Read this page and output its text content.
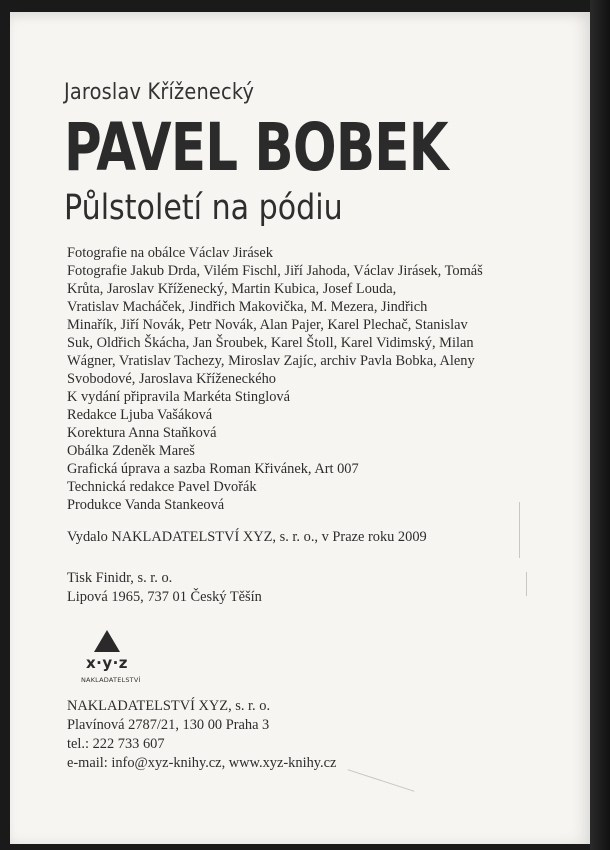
Jaroslav Kříženecký
PAVEL BOBEK
Půlstoletí na pódiu
Fotografie na obálce Václav Jirásek
Fotografie Jakub Drda, Vilém Fischl, Jiří Jahoda, Václav Jirásek, Tomáš
Krůta, Jaroslav Kříženecký, Martin Kubica, Josef Louda,
Vratislav Macháček, Jindřich Makovička, M. Mezera, Jindřich
Minařík, Jiří Novák, Petr Novák, Alan Pajer, Karel Plechač, Stanislav
Suk, Oldřich Škácha, Jan Šroubek, Karel Štoll, Karel Vidimský, Milan
Wágner, Vratislav Tachezy, Miroslav Zajíc, archiv Pavla Bobka, Aleny
Svobodové, Jaroslava Kříženeckého
K vydání připravila Markéta Stinglová
Redakce Ljuba Vašáková
Korektura Anna Staňková
Obálka Zdeněk Mareš
Grafická úprava a sazba Roman Křivánek, Art 007
Technická redakce Pavel Dvořák
Produkce Vanda Stankeová
Vydalo NAKLADATELSTVÍ XYZ, s. r. o., v Praze roku 2009
Tisk Finidr, s. r. o.
Lipová 1965, 737 01 Český Těšín
x·y·z
NAKLADATELSTVÍ
NAKLADATELSTVÍ XYZ, s. r. o.
Plavínová 2787/21, 130 00 Praha 3
tel.: 222 733 607
e-mail: info@xyz-knihy.cz, www.xyz-knihy.cz
